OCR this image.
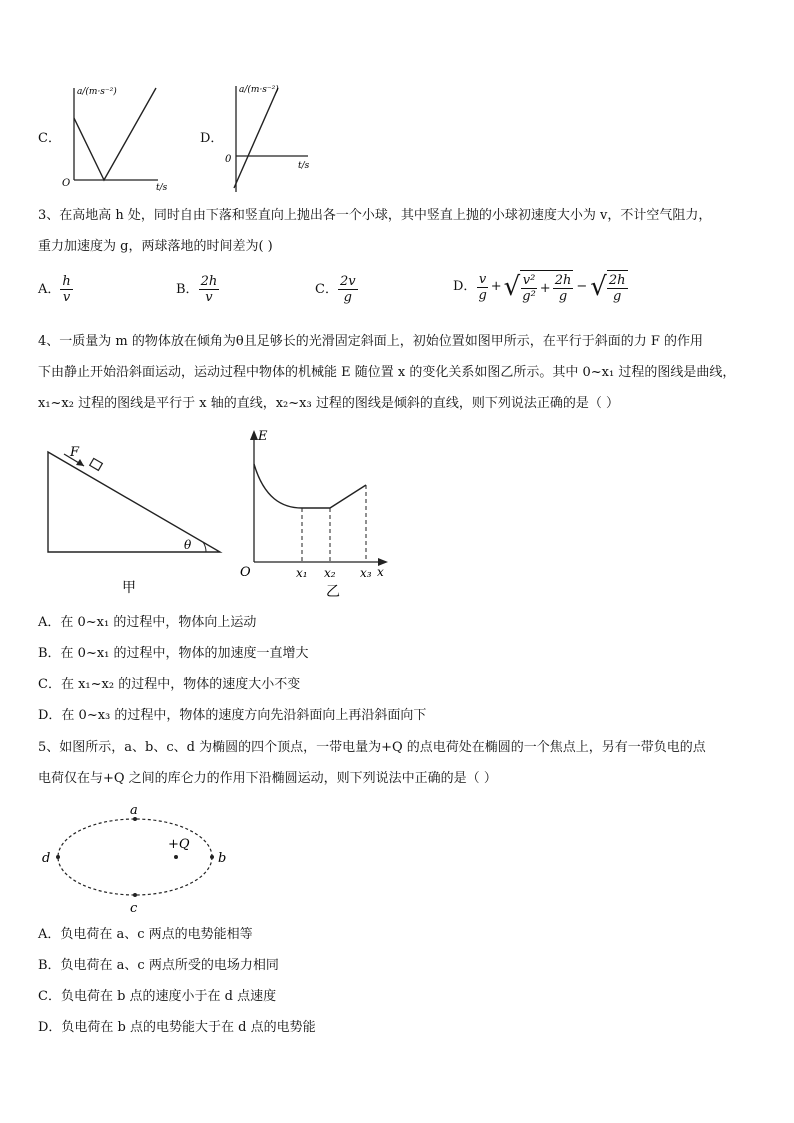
C．
a/(m·s⁻²)
O	t/s
D．
a/(m·s⁻²)
0
t/s
3、在高地高 h 处，同时自由下落和竖直向上抛出各一个小球，其中竖直上抛的小球初速度大小为 v，不计空气阻力，
重力加速度为 g，两球落地的时间差为( )
A． $\frac{h}{v}$	B． $\frac{2h}{v}$	C． $\frac{2v}{g}$	D． $\frac{v}{g}$ + √ $\frac{\text{v²}}{\text{g²}} + \frac{2h}{g}$ − √ $\frac{2h}{g}$
4、一质量为 m 的物体放在倾角为θ且足够长的光滑固定斜面上，初始位置如图甲所示，在平行于斜面的力 F 的作用
下由静止开始沿斜面运动，运动过程中物体的机械能 E 随位置 x 的变化关系如图乙所示。其中 0~x₁ 过程的图线是曲线，
x₁~x₂ 过程的图线是平行于 x 轴的直线，x₂~x₃ 过程的图线是倾斜的直线，则下列说法正确的是（ ）
F
θ
甲
E
O	x₁ x₂ x₃ x
乙
A．在 0~x₁ 的过程中，物体向上运动
B．在 0~x₁ 的过程中，物体的加速度一直增大
C．在 x₁~x₂ 的过程中，物体的速度大小不变
D．在 0~x₃ 的过程中，物体的速度方向先沿斜面向上再沿斜面向下
5、如图所示，a、b、c、d 为椭圆的四个顶点，一带电量为+Q 的点电荷处在椭圆的一个焦点上，另有一带负电的点
电荷仅在与+Q 之间的库仑力的作用下沿椭圆运动，则下列说法中正确的是（ ）
a
b
c
d
+Q
A．负电荷在 a、c 两点的电势能相等
B．负电荷在 a、c 两点所受的电场力相同
C．负电荷在 b 点的速度小于在 d 点速度
D．负电荷在 b 点的电势能大于在 d 点的电势能
